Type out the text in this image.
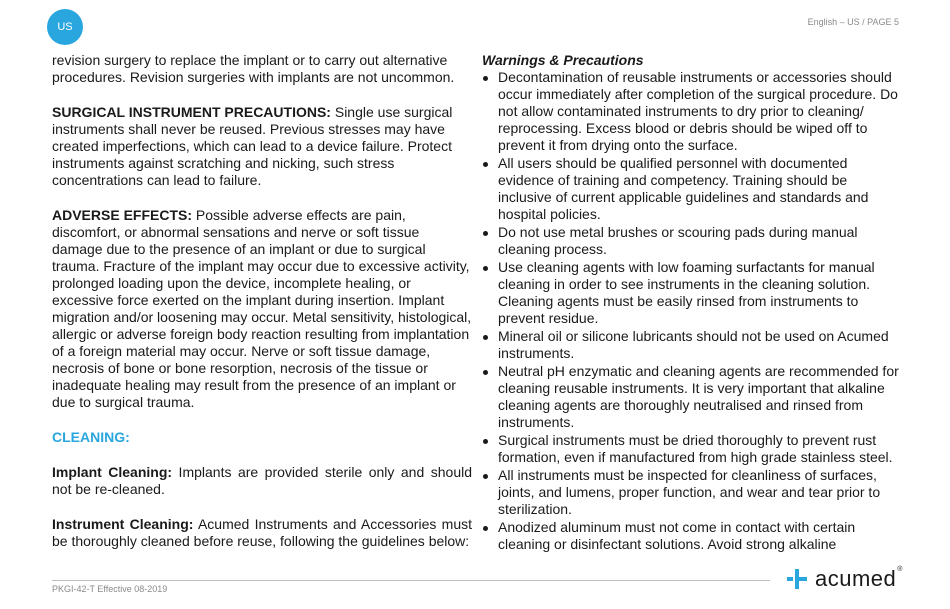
US	English – US / PAGE 5

revision surgery to replace the implant or to carry out alternative procedures. Revision surgeries with implants are not uncommon.

SURGICAL INSTRUMENT PRECAUTIONS: Single use surgical instruments shall never be reused. Previous stresses may have created imperfections, which can lead to a device failure. Protect instruments against scratching and nicking, such stress concentrations can lead to failure.

ADVERSE EFFECTS: Possible adverse effects are pain, discomfort, or abnormal sensations and nerve or soft tissue damage due to the presence of an implant or due to surgical trauma. Fracture of the implant may occur due to excessive activity, prolonged loading upon the device, incomplete healing, or excessive force exerted on the implant during insertion. Implant migration and/or loosening may occur. Metal sensitivity, histological, allergic or adverse foreign body reaction resulting from implantation of a foreign material may occur. Nerve or soft tissue damage, necrosis of bone or bone resorption, necrosis of the tissue or inadequate healing may result from the presence of an implant or due to surgical trauma.

CLEANING:

Implant Cleaning: Implants are provided sterile only and should not be re-cleaned.

Instrument Cleaning: Acumed Instruments and Accessories must be thoroughly cleaned before reuse, following the guidelines below:

Warnings & Precautions

Decontamination of reusable instruments or accessories should occur immediately after completion of the surgical procedure. Do not allow contaminated instruments to dry prior to cleaning/ reprocessing. Excess blood or debris should be wiped off to prevent it from drying onto the surface.
All users should be qualified personnel with documented evidence of training and competency. Training should be inclusive of current applicable guidelines and standards and hospital policies.
Do not use metal brushes or scouring pads during manual cleaning process.
Use cleaning agents with low foaming surfactants for manual cleaning in order to see instruments in the cleaning solution. Cleaning agents must be easily rinsed from instruments to prevent residue.
Mineral oil or silicone lubricants should not be used on Acumed instruments.
Neutral pH enzymatic and cleaning agents are recommended for cleaning reusable instruments. It is very important that alkaline cleaning agents are thoroughly neutralised and rinsed from instruments.
Surgical instruments must be dried thoroughly to prevent rust formation, even if manufactured from high grade stainless steel.
All instruments must be inspected for cleanliness of surfaces, joints, and lumens, proper function, and wear and tear prior to sterilization.
Anodized aluminum must not come in contact with certain cleaning or disinfectant solutions. Avoid strong alkaline
PKGI-42-T Effective 08-2019	acumed®
